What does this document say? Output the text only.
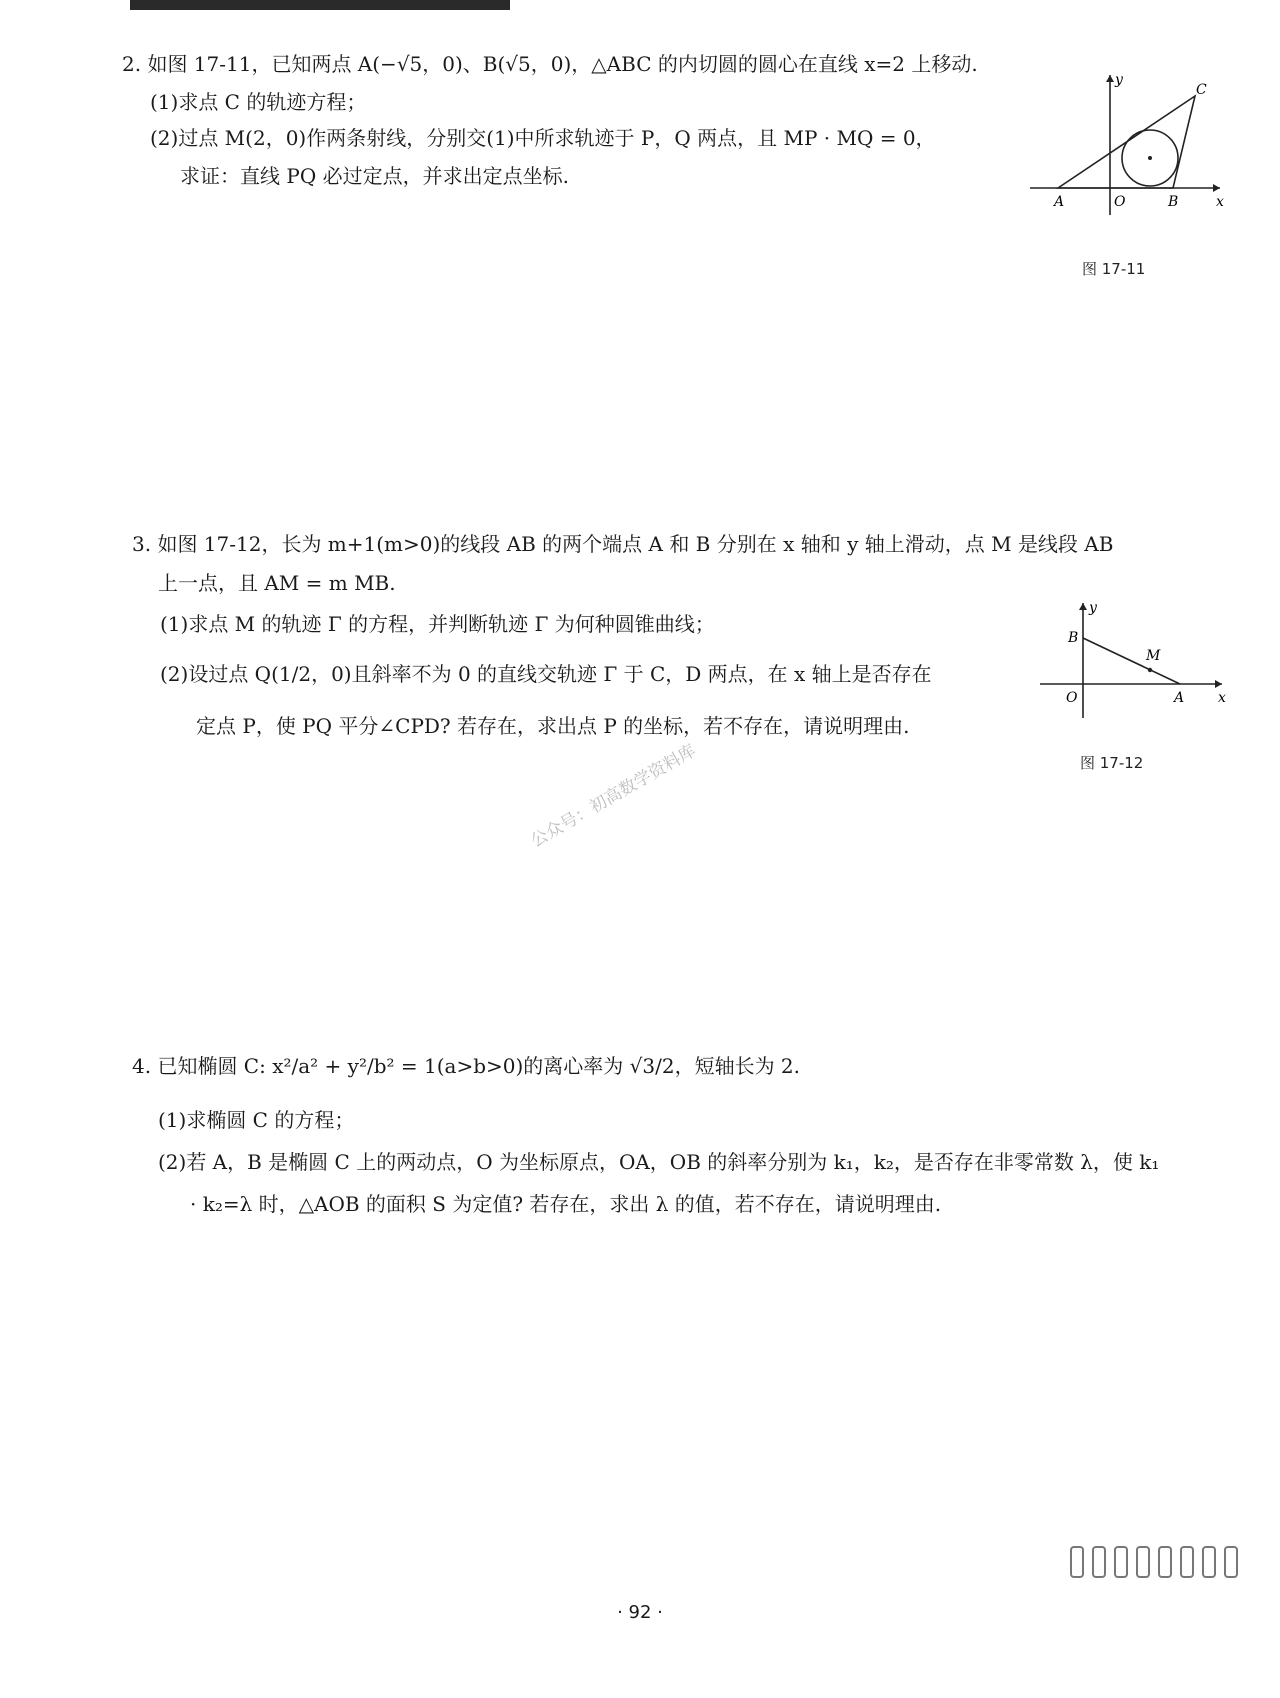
2. 如图 17-11，已知两点 A(−√5，0)、B(√5，0)，△ABC 的内切圆的圆心在直线 x=2 上移动.
(1)求点 C 的轨迹方程；
(2)过点 M(2，0)作两条射线，分别交(1)中所求轨迹于 P，Q 两点，且 MP · MQ = 0，
求证：直线 PQ 必过定点，并求出定点坐标.
y
x
A	O	B
C
图 17-11
3. 如图 17-12，长为 m+1(m>0)的线段 AB 的两个端点 A 和 B 分别在 x 轴和 y 轴上滑动，点 M 是线段 AB
上一点，且 AM = m MB.
(1)求点 M 的轨迹 Γ 的方程，并判断轨迹 Γ 为何种圆锥曲线；
(2)设过点 Q(1/2，0)且斜率不为 0 的直线交轨迹 Γ 于 C，D 两点，在 x 轴上是否存在
定点 P，使 PQ 平分∠CPD? 若存在，求出点 P 的坐标，若不存在，请说明理由.
y
x
B
O	A
M
图 17-12
公众号：初高数学资料库
4. 已知椭圆 C: x²/a² + y²/b² = 1(a>b>0)的离心率为 √3/2，短轴长为 2.
(1)求椭圆 C 的方程；
(2)若 A，B 是椭圆 C 上的两动点，O 为坐标原点，OA，OB 的斜率分别为 k₁，k₂，是否存在非零常数 λ，使 k₁
· k₂=λ 时，△AOB 的面积 S 为定值? 若存在，求出 λ 的值，若不存在，请说明理由.
· 92 ·
